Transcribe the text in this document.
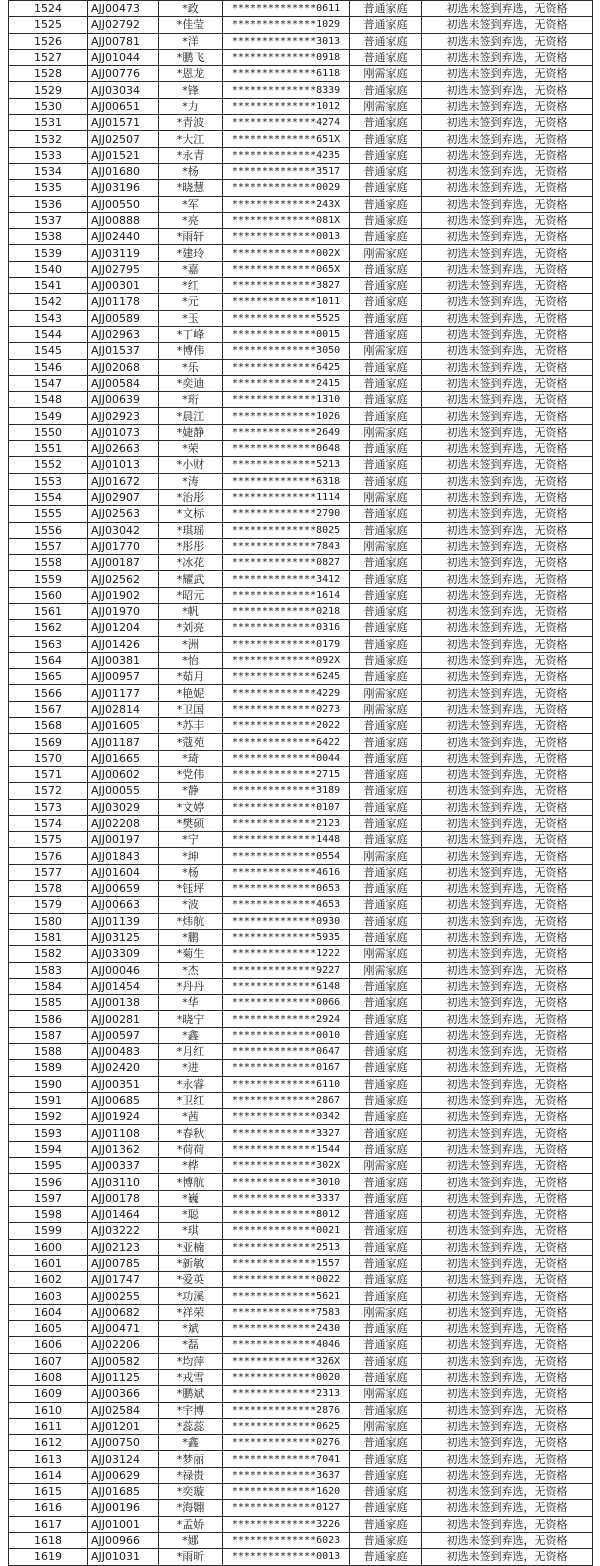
1524	AJJ00473	*政	**************0611	普通家庭	初选未签到弃选，无资格
1525	AJJ02792	*佳莹	**************1029	普通家庭	初选未签到弃选，无资格
1526	AJJ00781	*洋	**************3013	普通家庭	初选未签到弃选，无资格
1527	AJJ01044	*鹏飞	**************0918	普通家庭	初选未签到弃选，无资格
1528	AJJ00776	*恩龙	**************6118	刚需家庭	初选未签到弃选，无资格
1529	AJJ03034	*锋	**************8339	普通家庭	初选未签到弃选，无资格
1530	AJJ00651	*力	**************1012	刚需家庭	初选未签到弃选，无资格
1531	AJJ01571	*青波	**************4274	普通家庭	初选未签到弃选，无资格
1532	AJJ02507	*大江	**************651X	普通家庭	初选未签到弃选，无资格
1533	AJJ01521	*永青	**************4235	普通家庭	初选未签到弃选，无资格
1534	AJJ01680	*杨	**************3517	普通家庭	初选未签到弃选，无资格
1535	AJJ03196	*晓慧	**************0029	普通家庭	初选未签到弃选，无资格
1536	AJJ00550	*军	**************243X	普通家庭	初选未签到弃选，无资格
1537	AJJ00888	*亮	**************081X	普通家庭	初选未签到弃选，无资格
1538	AJJ02440	*雨轩	**************0013	普通家庭	初选未签到弃选，无资格
1539	AJJ03119	*建玲	**************002X	刚需家庭	初选未签到弃选，无资格
1540	AJJ02795	*嘉	**************065X	普通家庭	初选未签到弃选，无资格
1541	AJJ00301	*红	**************3827	普通家庭	初选未签到弃选，无资格
1542	AJJ01178	*元	**************1011	普通家庭	初选未签到弃选，无资格
1543	AJJ00589	*玉	**************5525	普通家庭	初选未签到弃选，无资格
1544	AJJ02963	*丁峰	**************0015	普通家庭	初选未签到弃选，无资格
1545	AJJ01537	*博伟	**************3050	刚需家庭	初选未签到弃选，无资格
1546	AJJ02068	*乐	**************6425	普通家庭	初选未签到弃选，无资格
1547	AJJ00584	*奕迪	**************2415	普通家庭	初选未签到弃选，无资格
1548	AJJ00639	*珩	**************1310	普通家庭	初选未签到弃选，无资格
1549	AJJ02923	*晨江	**************1026	普通家庭	初选未签到弃选，无资格
1550	AJJ01073	*婕静	**************2649	刚需家庭	初选未签到弃选，无资格
1551	AJJ02663	*荣	**************0648	普通家庭	初选未签到弃选，无资格
1552	AJJ01013	*小财	**************5213	普通家庭	初选未签到弃选，无资格
1553	AJJ01672	*涛	**************6318	普通家庭	初选未签到弃选，无资格
1554	AJJ02907	*治彤	**************1114	刚需家庭	初选未签到弃选，无资格
1555	AJJ02563	*文标	**************2790	普通家庭	初选未签到弃选，无资格
1556	AJJ03042	*琪瑶	**************8025	普通家庭	初选未签到弃选，无资格
1557	AJJ01770	*彤彤	**************7843	刚需家庭	初选未签到弃选，无资格
1558	AJJ00187	*冰花	**************0827	普通家庭	初选未签到弃选，无资格
1559	AJJ02562	*耀武	**************3412	普通家庭	初选未签到弃选，无资格
1560	AJJ01902	*昭元	**************1614	普通家庭	初选未签到弃选，无资格
1561	AJJ01970	*帆	**************0218	普通家庭	初选未签到弃选，无资格
1562	AJJ01204	*刘亮	**************0316	普通家庭	初选未签到弃选，无资格
1563	AJJ01426	*洲	**************0179	普通家庭	初选未签到弃选，无资格
1564	AJJ00381	*怡	**************092X	普通家庭	初选未签到弃选，无资格
1565	AJJ00957	*茹月	**************6245	普通家庭	初选未签到弃选，无资格
1566	AJJ01177	*艳妮	**************4229	刚需家庭	初选未签到弃选，无资格
1567	AJJ02814	*卫国	**************0273	刚需家庭	初选未签到弃选，无资格
1568	AJJ01605	*苏丰	**************2022	普通家庭	初选未签到弃选，无资格
1569	AJJ01187	*蔻苑	**************6422	普通家庭	初选未签到弃选，无资格
1570	AJJ01665	*琦	**************0044	普通家庭	初选未签到弃选，无资格
1571	AJJ00602	*党伟	**************2715	普通家庭	初选未签到弃选，无资格
1572	AJJ00055	*静	**************3189	普通家庭	初选未签到弃选，无资格
1573	AJJ03029	*文婷	**************0107	普通家庭	初选未签到弃选，无资格
1574	AJJ02208	*樊硕	**************2123	普通家庭	初选未签到弃选，无资格
1575	AJJ00197	*宁	**************1448	普通家庭	初选未签到弃选，无资格
1576	AJJ01843	*坤	**************0554	刚需家庭	初选未签到弃选，无资格
1577	AJJ01604	*杨	**************4616	普通家庭	初选未签到弃选，无资格
1578	AJJ00659	*钰坪	**************0653	普通家庭	初选未签到弃选，无资格
1579	AJJ00663	*波	**************4653	普通家庭	初选未签到弃选，无资格
1580	AJJ01139	*炜航	**************0930	普通家庭	初选未签到弃选，无资格
1581	AJJ03125	*鹏	**************5935	普通家庭	初选未签到弃选，无资格
1582	AJJ03309	*菊生	**************1222	刚需家庭	初选未签到弃选，无资格
1583	AJJ00046	*杰	**************9227	刚需家庭	初选未签到弃选，无资格
1584	AJJ01454	*丹丹	**************6148	普通家庭	初选未签到弃选，无资格
1585	AJJ00138	*华	**************0066	普通家庭	初选未签到弃选，无资格
1586	AJJ00281	*晓宁	**************2924	普通家庭	初选未签到弃选，无资格
1587	AJJ00597	*鑫	**************0010	普通家庭	初选未签到弃选，无资格
1588	AJJ00483	*月红	**************0647	普通家庭	初选未签到弃选，无资格
1589	AJJ02420	*进	**************0167	普通家庭	初选未签到弃选，无资格
1590	AJJ00351	*永睿	**************6110	普通家庭	初选未签到弃选，无资格
1591	AJJ00685	*卫红	**************2867	普通家庭	初选未签到弃选，无资格
1592	AJJ01924	*茜	**************0342	普通家庭	初选未签到弃选，无资格
1593	AJJ01108	*春秋	**************3327	普通家庭	初选未签到弃选，无资格
1594	AJJ01362	*荷荷	**************1544	普通家庭	初选未签到弃选，无资格
1595	AJJ00337	*桦	**************302X	刚需家庭	初选未签到弃选，无资格
1596	AJJ03110	*博航	**************3010	普通家庭	初选未签到弃选，无资格
1597	AJJ00178	*巍	**************3337	普通家庭	初选未签到弃选，无资格
1598	AJJ01464	*聪	**************8012	普通家庭	初选未签到弃选，无资格
1599	AJJ03222	*琪	**************0021	普通家庭	初选未签到弃选，无资格
1600	AJJ02123	*亚楠	**************2513	普通家庭	初选未签到弃选，无资格
1601	AJJ00785	*新敏	**************1557	普通家庭	初选未签到弃选，无资格
1602	AJJ01747	*爱英	**************0022	普通家庭	初选未签到弃选，无资格
1603	AJJ00255	*功溪	**************5621	普通家庭	初选未签到弃选，无资格
1604	AJJ00682	*祥荣	**************7583	刚需家庭	初选未签到弃选，无资格
1605	AJJ00471	*斌	**************2430	普通家庭	初选未签到弃选，无资格
1606	AJJ02206	*磊	**************4046	普通家庭	初选未签到弃选，无资格
1607	AJJ00582	*均萍	**************326X	普通家庭	初选未签到弃选，无资格
1608	AJJ01125	*戎雪	**************0020	普通家庭	初选未签到弃选，无资格
1609	AJJ00366	*鹏斌	**************2313	刚需家庭	初选未签到弃选，无资格
1610	AJJ02584	*宇博	**************2876	普通家庭	初选未签到弃选，无资格
1611	AJJ01201	*蕊蕊	**************0625	刚需家庭	初选未签到弃选，无资格
1612	AJJ00750	*鑫	**************0276	普通家庭	初选未签到弃选，无资格
1613	AJJ03124	*梦丽	**************7041	普通家庭	初选未签到弃选，无资格
1614	AJJ00629	*禄贵	**************3637	普通家庭	初选未签到弃选，无资格
1615	AJJ01685	*奕璇	**************1620	普通家庭	初选未签到弃选，无资格
1616	AJJ00196	*海翾	**************0127	普通家庭	初选未签到弃选，无资格
1617	AJJ01001	*孟娇	**************3226	普通家庭	初选未签到弃选，无资格
1618	AJJ00966	*娜	**************6023	普通家庭	初选未签到弃选，无资格
1619	AJJ01031	*雨昕	**************0013	普通家庭	初选未签到弃选，无资格
